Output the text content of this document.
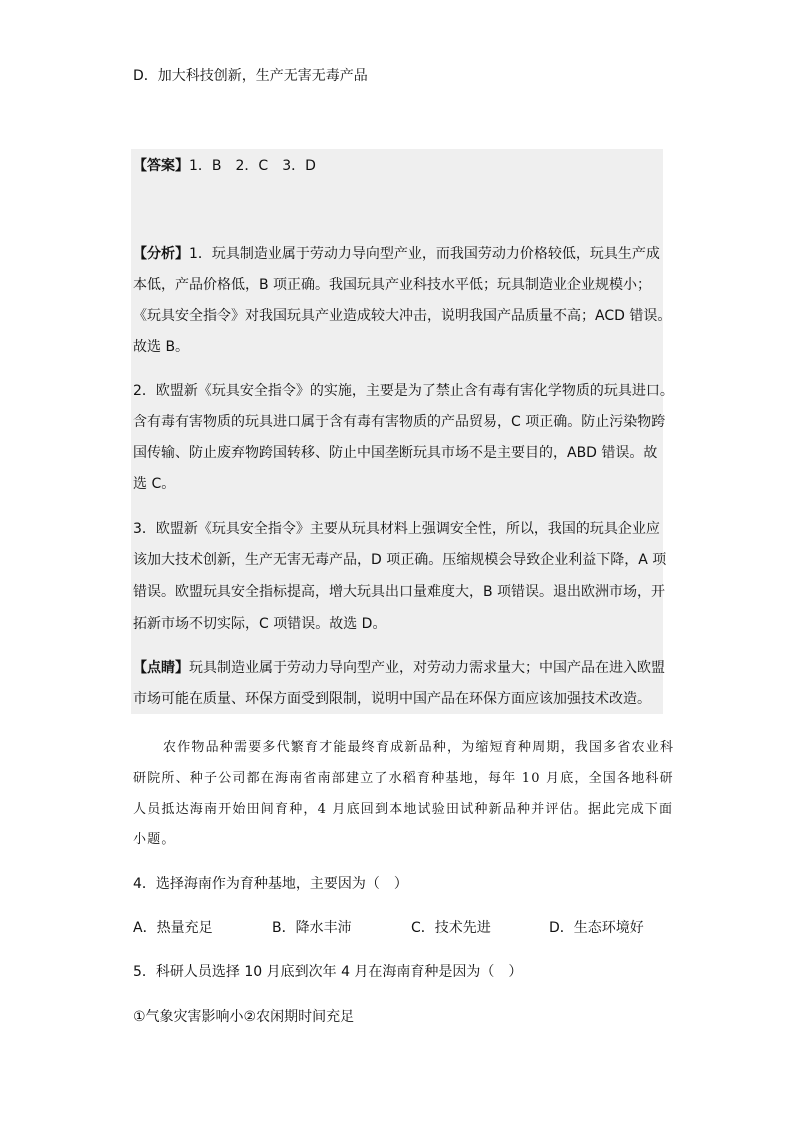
D．加大科技创新，生产无害无毒产品
【答案】1．B　2．C　3．D
【分析】1．玩具制造业属于劳动力导向型产业，而我国劳动力价格较低，玩具生产成
本低，产品价格低，B 项正确。我国玩具产业科技水平低；玩具制造业企业规模小；
《玩具安全指令》对我国玩具产业造成较大冲击，说明我国产品质量不高；ACD 错误。
故选 B。
2．欧盟新《玩具安全指令》的实施，主要是为了禁止含有毒有害化学物质的玩具进口。
含有毒有害物质的玩具进口属于含有毒有害物质的产品贸易，C 项正确。防止污染物跨
国传输、防止废弃物跨国转移、防止中国垄断玩具市场不是主要目的，ABD 错误。故
选 C。
3．欧盟新《玩具安全指令》主要从玩具材料上强调安全性，所以，我国的玩具企业应
该加大技术创新，生产无害无毒产品，D 项正确。压缩规模会导致企业利益下降，A 项
错误。欧盟玩具安全指标提高，增大玩具出口量难度大，B 项错误。退出欧洲市场，开
拓新市场不切实际，C 项错误。故选 D。
【点睛】玩具制造业属于劳动力导向型产业，对劳动力需求量大；中国产品在进入欧盟
市场可能在质量、环保方面受到限制，说明中国产品在环保方面应该加强技术改造。
农作物品种需要多代繁育才能最终育成新品种，为缩短育种周期，我国多省农业科
研院所、种子公司都在海南省南部建立了水稻育种基地，每年 10 月底，全国各地科研
人员抵达海南开始田间育种，4 月底回到本地试验田试种新品种并评估。据此完成下面
小题。
4．选择海南作为育种基地，主要因为（　）
A．热量充足	B．降水丰沛	C．技术先进	D．生态环境好
5．科研人员选择 10 月底到次年 4 月在海南育种是因为（　）
①气象灾害影响小②农闲期时间充足
